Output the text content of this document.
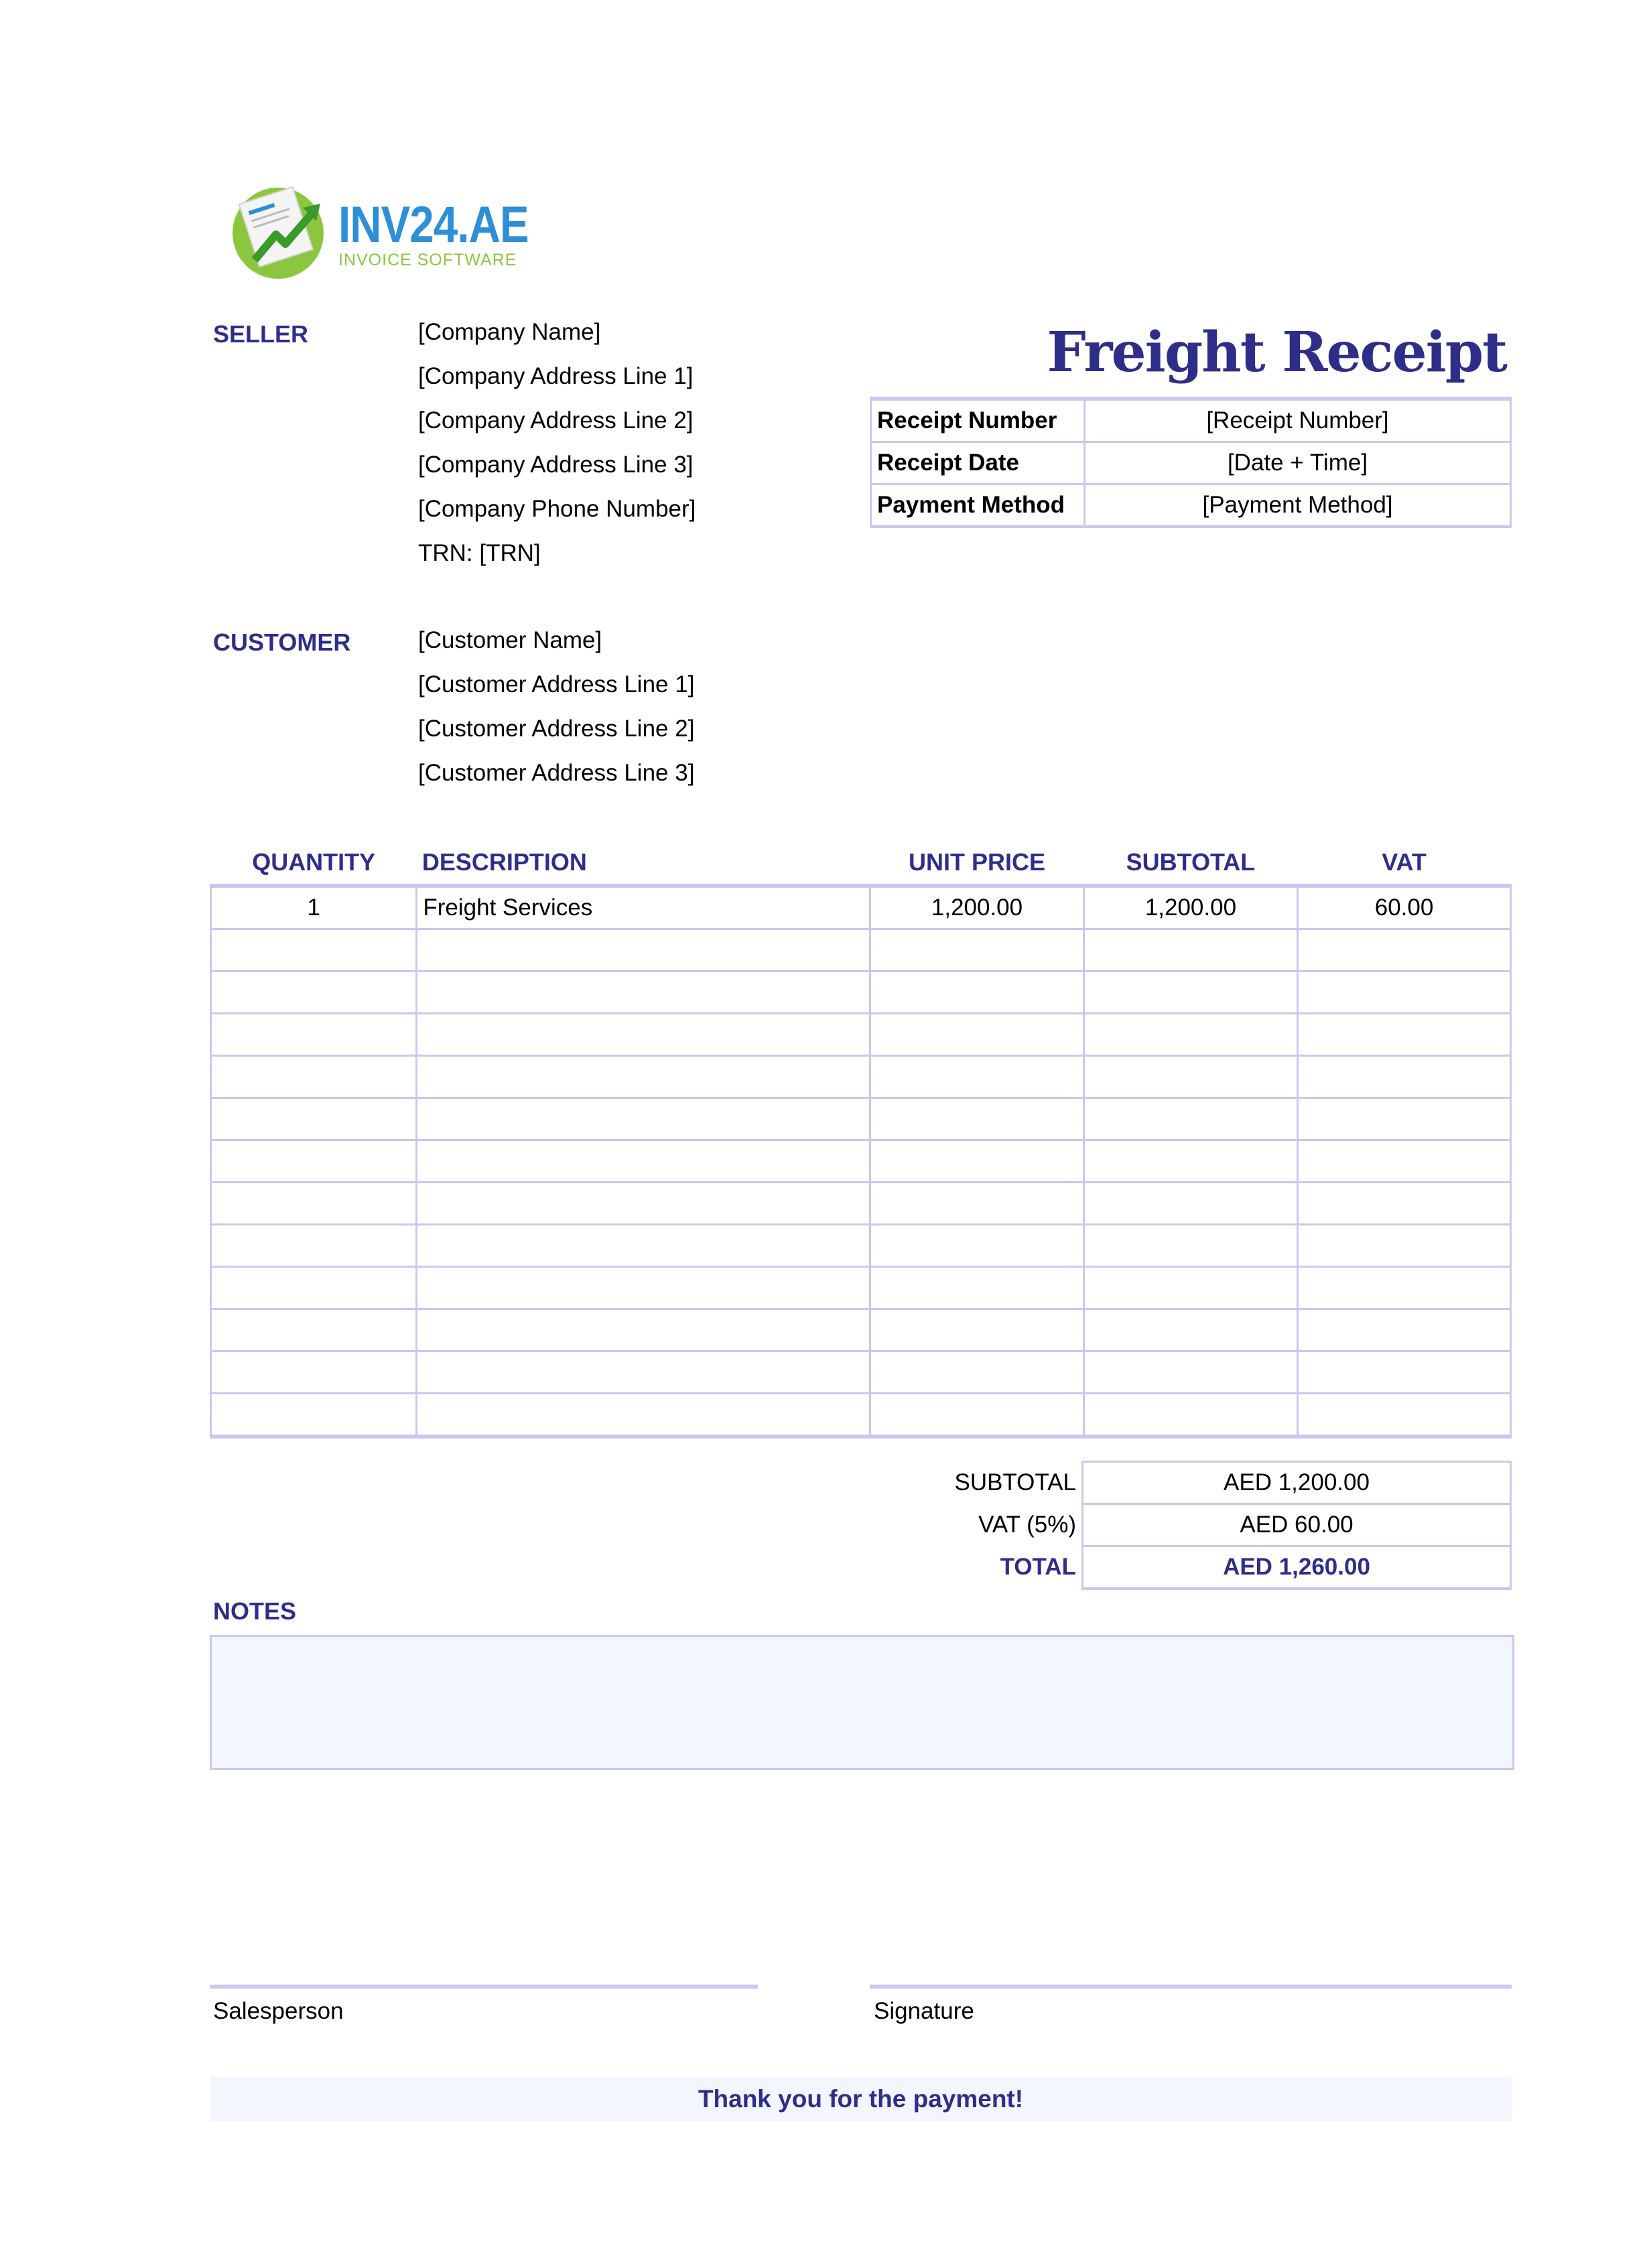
INV24.AE
INVOICE SOFTWARE
Freight Receipt
SELLER	[Company Name]
[Company Address Line 1]
[Company Address Line 2]
[Company Address Line 3]
[Company Phone Number]
TRN: [TRN]
Receipt Number	[Receipt Number]
Receipt Date	[Date + Time]
Payment Method	[Payment Method]
CUSTOMER	[Customer Name]
[Customer Address Line 1]
[Customer Address Line 2]
[Customer Address Line 3]
QUANTITY	DESCRIPTION	UNIT PRICE	SUBTOTAL	VAT
1	Freight Services	1,200.00	1,200.00	60.00

SUBTOTAL	AED 1,200.00
VAT (5%)	AED 60.00
TOTAL	AED 1,260.00
NOTES
Salesperson	Signature
Thank you for the payment!
